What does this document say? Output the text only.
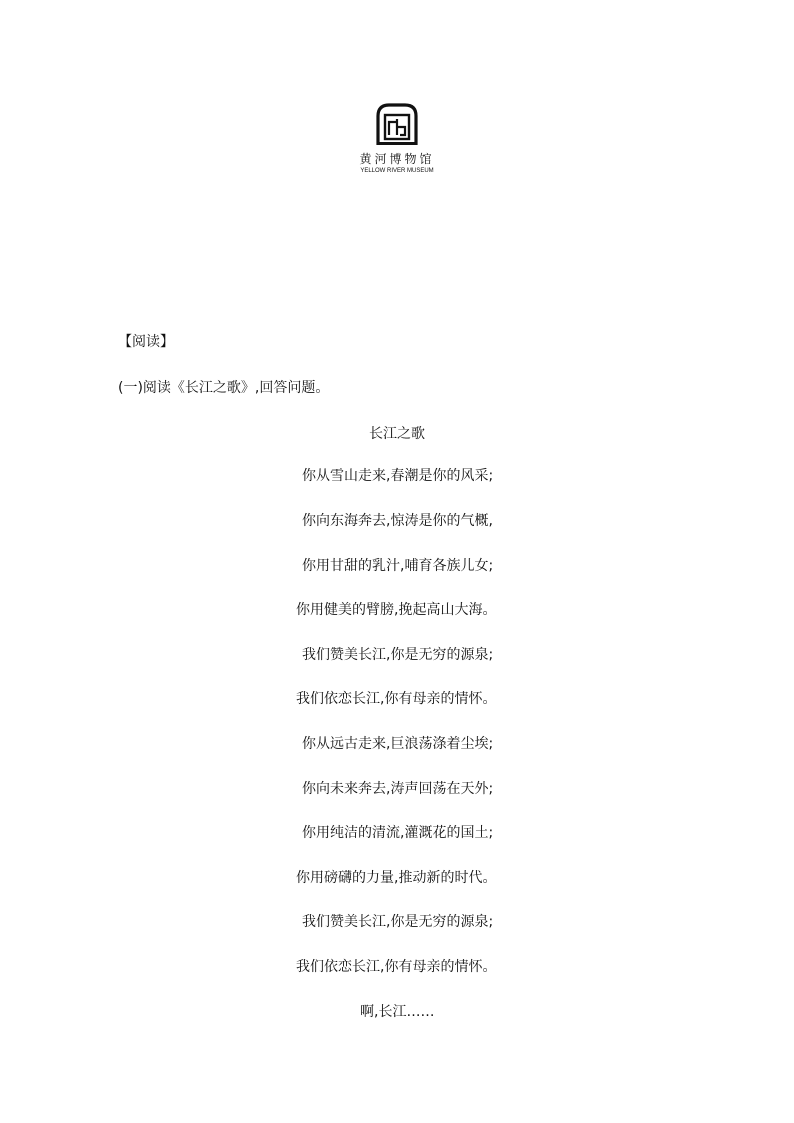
黄河博物馆
YELLOW RIVER MUSEUM
【阅读】
(一)阅读《长江之歌》,回答问题。
长江之歌
你从雪山走来,春潮是你的风采;
你向东海奔去,惊涛是你的气概,
你用甘甜的乳汁,哺育各族儿女;
你用健美的臂膀,挽起高山大海。
我们赞美长江,你是无穷的源泉;
我们依恋长江,你有母亲的情怀。
你从远古走来,巨浪荡涤着尘埃;
你向未来奔去,涛声回荡在天外;
你用纯洁的清流,灌溉花的国土;
你用磅礴的力量,推动新的时代。
我们赞美长江,你是无穷的源泉;
我们依恋长江,你有母亲的情怀。
啊,长江……
